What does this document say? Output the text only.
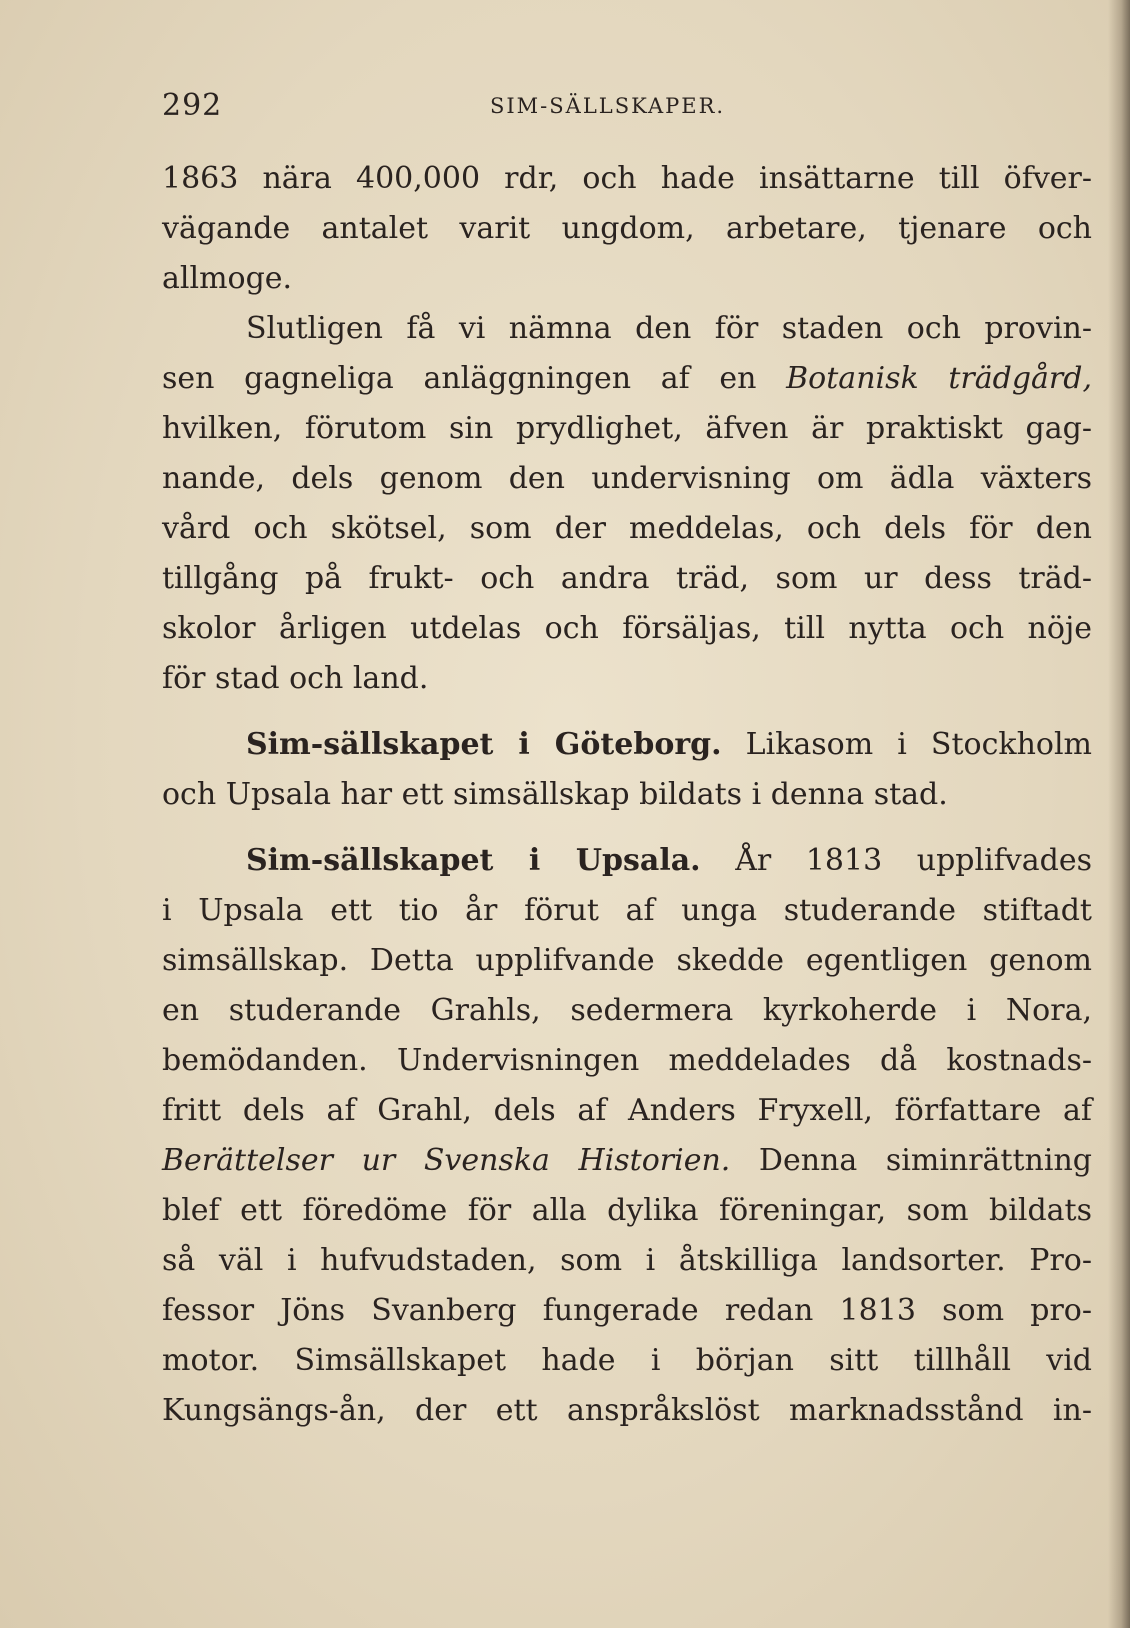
292	SIM-SÄLLSKAPER.
1863 nära 400,000 rdr, och hade insättarne till öfver-
vägande antalet varit ungdom, arbetare, tjenare och
allmoge.
Slutligen få vi nämna den för staden och provin-
sen gagneliga anläggningen af en Botanisk trädgård,
hvilken, förutom sin prydlighet, äfven är praktiskt gag-
nande, dels genom den undervisning om ädla växters
vård och skötsel, som der meddelas, och dels för den
tillgång på frukt- och andra träd, som ur dess träd-
skolor årligen utdelas och försäljas, till nytta och nöje
för stad och land.
Sim-sällskapet i Göteborg. Likasom i Stockholm
och Upsala har ett simsällskap bildats i denna stad.
Sim-sällskapet i Upsala. År 1813 upplifvades
i Upsala ett tio år förut af unga studerande stiftadt
simsällskap. Detta upplifvande skedde egentligen genom
en studerande Grahls, sedermera kyrkoherde i Nora,
bemödanden. Undervisningen meddelades då kostnads-
fritt dels af Grahl, dels af Anders Fryxell, författare af
Berättelser ur Svenska Historien. Denna siminrättning
blef ett föredöme för alla dylika föreningar, som bildats
så väl i hufvudstaden, som i åtskilliga landsorter. Pro-
fessor Jöns Svanberg fungerade redan 1813 som pro-
motor. Simsällskapet hade i början sitt tillhåll vid
Kungsängs-ån, der ett anspråkslöst marknadsstånd in-
